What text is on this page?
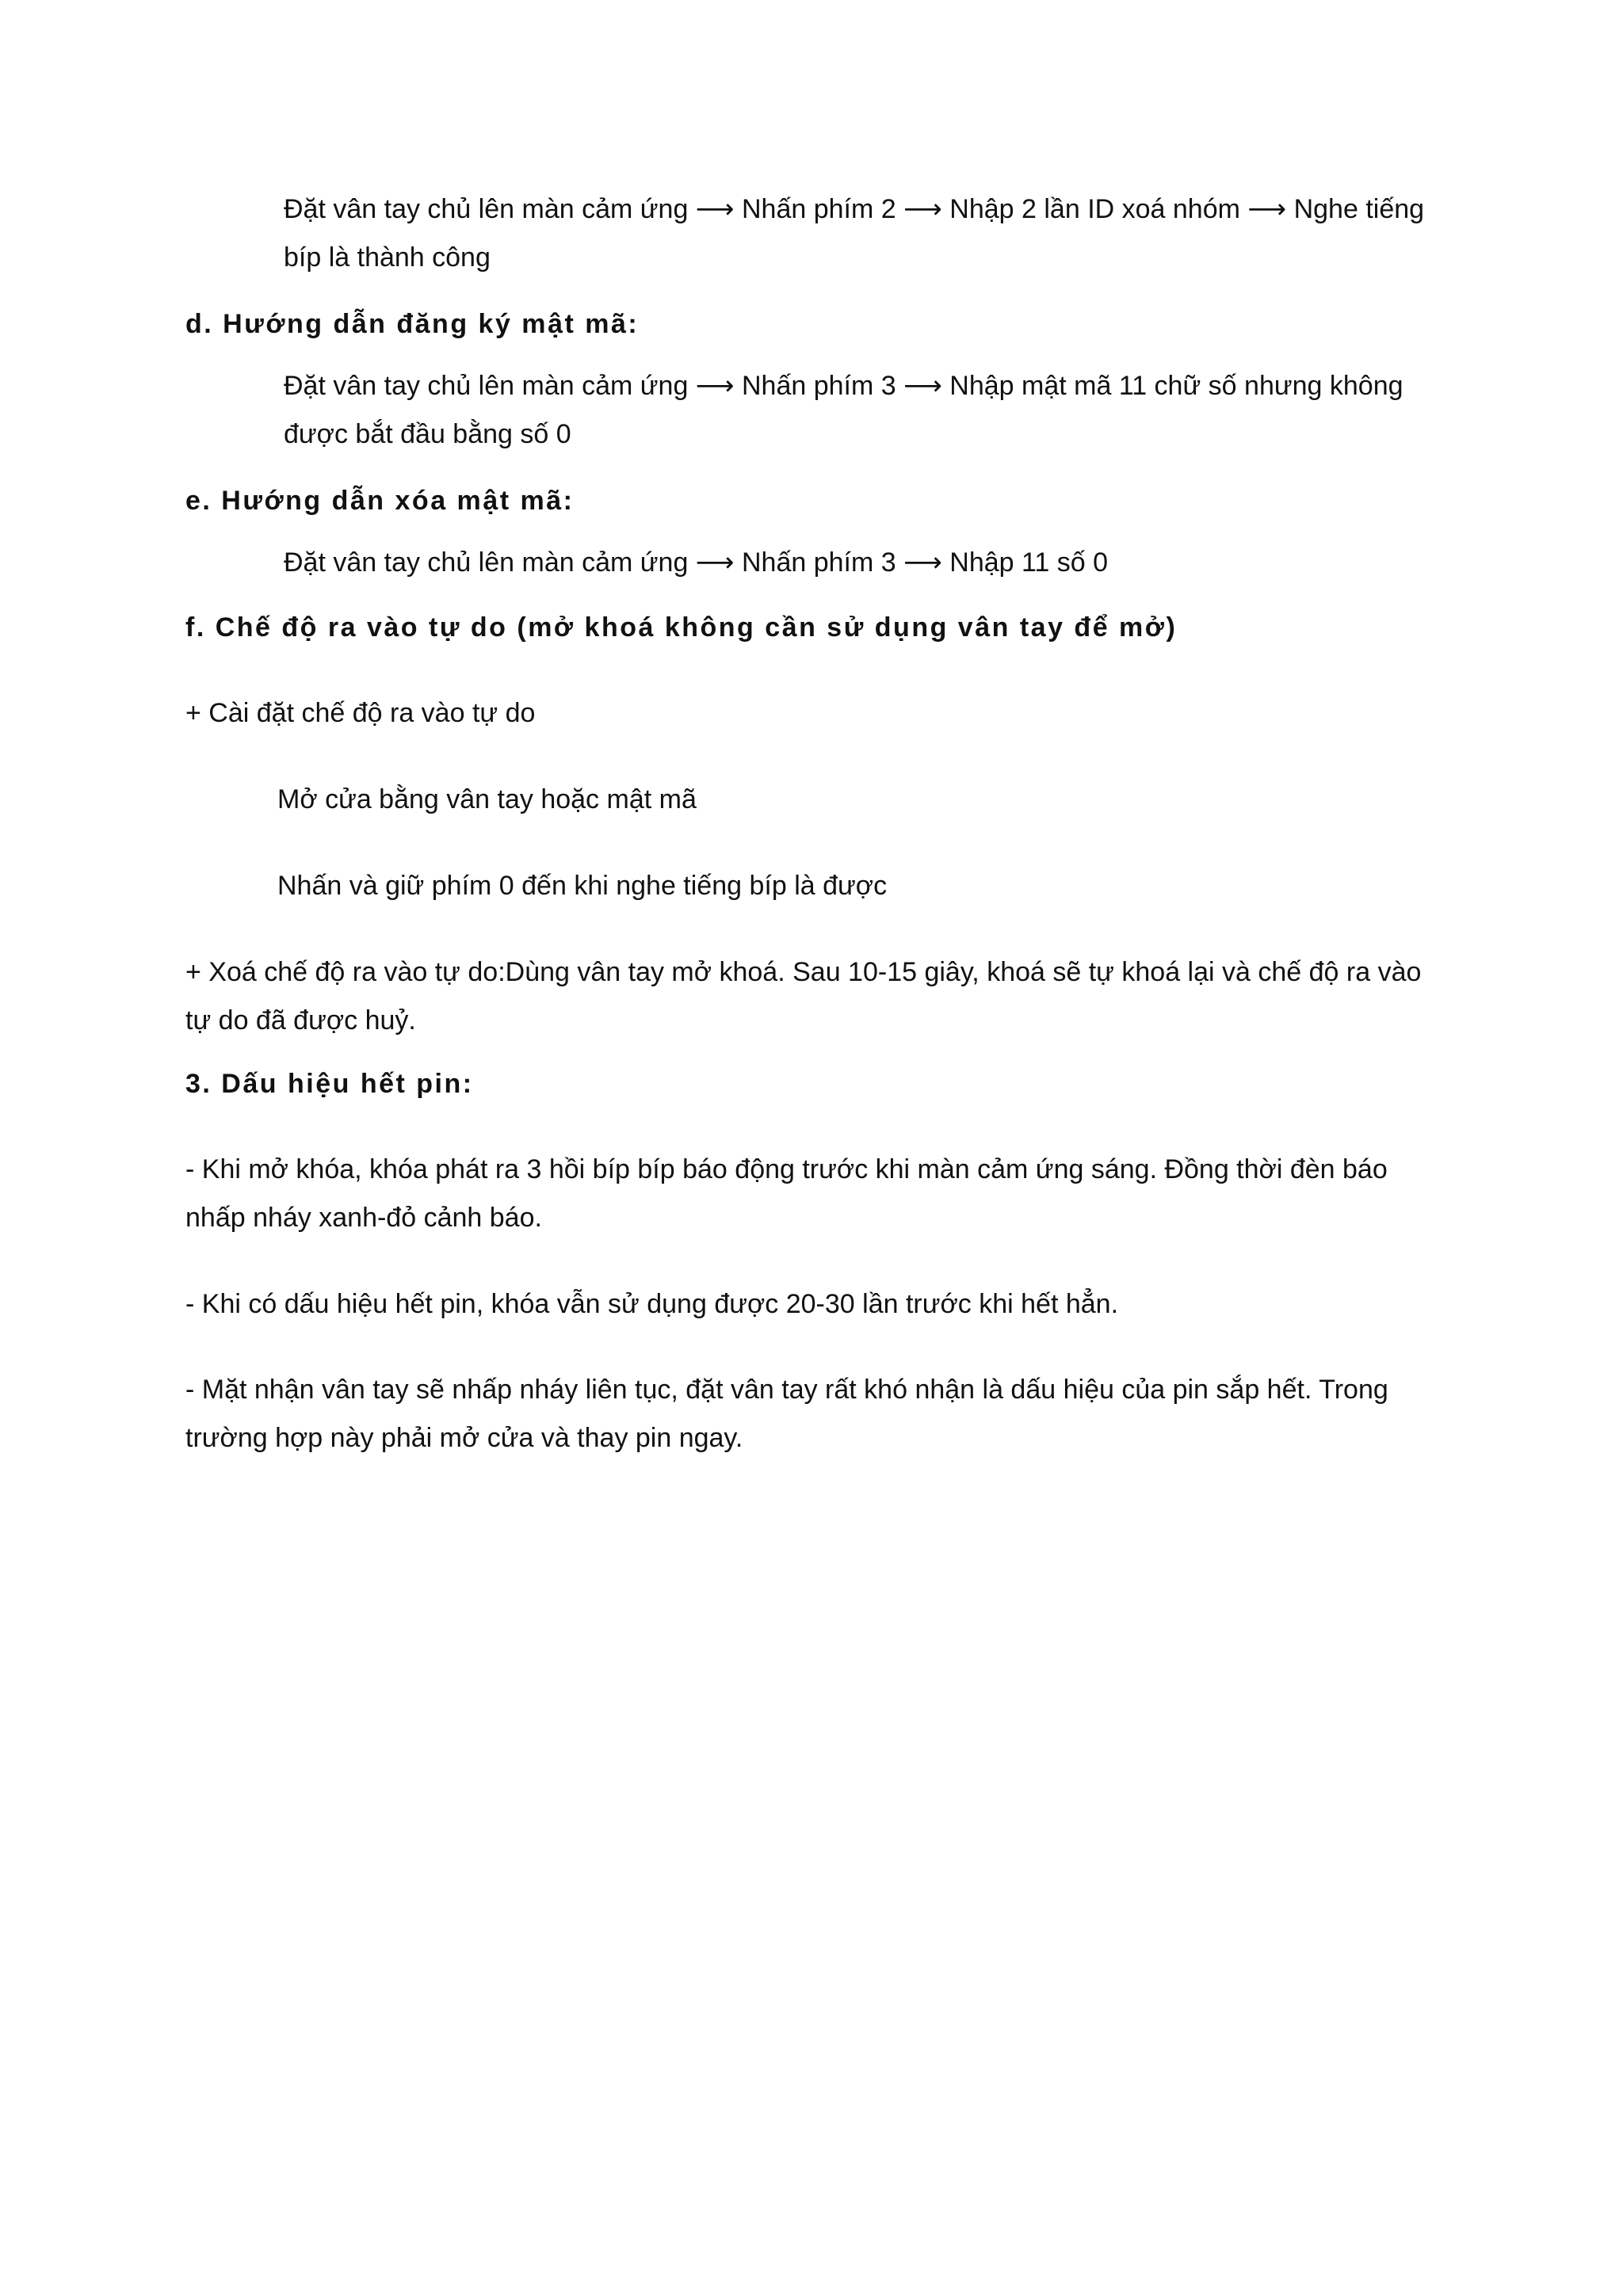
Đặt vân tay chủ lên màn cảm ứng ⟶ Nhấn phím 2 ⟶ Nhập 2 lần ID xoá nhóm ⟶ Nghe tiếng bíp là thành công

d. Hướng dẫn đăng ký mật mã:

Đặt vân tay chủ lên màn cảm ứng ⟶ Nhấn phím 3 ⟶ Nhập mật mã 11 chữ số nhưng không được bắt đầu bằng số 0

e. Hướng dẫn xóa mật mã:

Đặt vân tay chủ lên màn cảm ứng ⟶ Nhấn phím 3 ⟶ Nhập 11 số 0

f. Chế độ ra vào tự do (mở khoá không cần sử dụng vân tay để mở)

+ Cài đặt chế độ ra vào tự do

Mở cửa bằng vân tay hoặc mật mã

Nhấn và giữ phím 0 đến khi nghe tiếng bíp là được

+ Xoá chế độ ra vào tự do:Dùng vân tay mở khoá. Sau 10-15 giây, khoá sẽ tự khoá lại và chế độ ra vào tự do đã được huỷ.

3. Dấu hiệu hết pin:

- Khi mở khóa, khóa phát ra 3 hồi bíp bíp báo động trước khi màn cảm ứng sáng. Đồng thời đèn báo nhấp nháy xanh-đỏ cảnh báo.

- Khi có dấu hiệu hết pin, khóa vẫn sử dụng được 20-30 lần trước khi hết hẳn.

- Mặt nhận vân tay sẽ nhấp nháy liên tục, đặt vân tay rất khó nhận là dấu hiệu của pin sắp hết. Trong trường hợp này phải mở cửa và thay pin ngay.
